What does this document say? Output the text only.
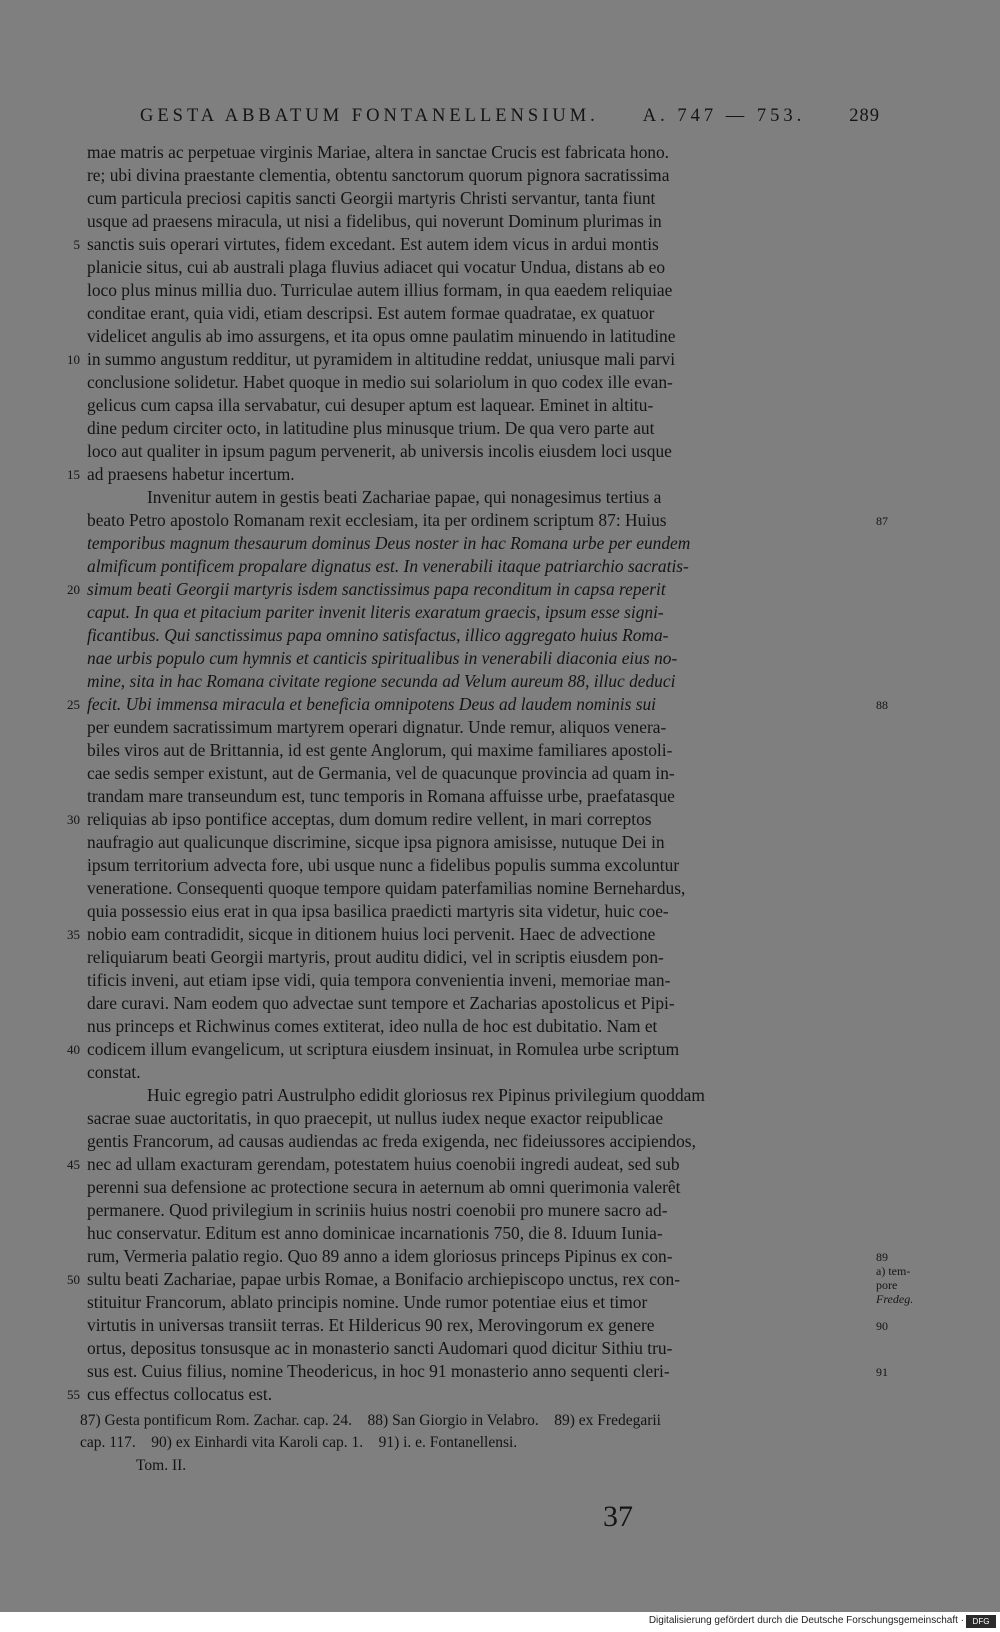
GESTA ABBATUM FONTANELLENSIUM. A. 747 — 753. 289
mae matris ac perpetuae virginis Mariae, altera in sanctae Crucis est fabricata hono.
re; ubi divina praestante clementia, obtentu sanctorum quorum pignora sacratissima
cum particula preciosi capitis sancti Georgii martyris Christi servantur, tanta fiunt
usque ad praesens miracula, ut nisi a fidelibus, qui noverunt Dominum plurimas in
sanctis suis operari virtutes, fidem excedant. Est autem idem vicus in ardui montis
planicie situs, cui ab australi plaga fluvius adiacet qui vocatur Undua, distans ab eo
loco plus minus millia duo. Turriculae autem illius formam, in qua eaedem reliquiae
conditae erant, quia vidi, etiam descripsi. Est autem formae quadratae, ex quatuor
videlicet angulis ab imo assurgens, et ita opus omne paulatim minuendo in latitudine
in summo angustum redditur, ut pyramidem in altitudine reddat, uniusque mali parvi
conclusione solidetur. Habet quoque in medio sui solariolum in quo codex ille evan-
gelicus cum capsa illa servabatur, cui desuper aptum est laquear. Eminet in altitu-
dine pedum circiter octo, in latitudine plus minusque trium. De qua vero parte aut
loco aut qualiter in ipsum pagum pervenerit, ab universis incolis eiusdem loci usque
ad praesens habetur incertum.
Invenitur autem in gestis beati Zachariae papae, qui nonagesimus tertius a
beato Petro apostolo Romanam rexit ecclesiam, ita per ordinem scriptum 87: Huius
temporibus magnum thesaurum dominus Deus noster in hac Romana urbe per eundem
almificum pontificem propalare dignatus est. In venerabili itaque patriarchio sacratis-
simum beati Georgii martyris isdem sanctissimus papa reconditum in capsa reperit
caput. In qua et pitacium pariter invenit literis exaratum graecis, ipsum esse signi-
ficantibus. Qui sanctissimus papa omnino satisfactus, illico aggregato huius Roma-
nae urbis populo cum hymnis et canticis spiritualibus in venerabili diaconia eius no-
mine, sita in hac Romana civitate regione secunda ad Velum aureum 88, illuc deduci
fecit. Ubi immensa miracula et beneficia omnipotens Deus ad laudem nominis sui
per eundem sacratissimum martyrem operari dignatur. Unde remur, aliquos venera-
biles viros aut de Brittannia, id est gente Anglorum, qui maxime familiares apostoli-
cae sedis semper existunt, aut de Germania, vel de quacunque provincia ad quam in-
trandam mare transeundum est, tunc temporis in Romana affuisse urbe, praefatasque
reliquias ab ipso pontifice acceptas, dum domum redire vellent, in mari correptos
naufragio aut qualicunque discrimine, sicque ipsa pignora amisisse, nutuque Dei in
ipsum territorium advecta fore, ubi usque nunc a fidelibus populis summa excoluntur
veneratione. Consequenti quoque tempore quidam paterfamilias nomine Bernehardus,
quia possessio eius erat in qua ipsa basilica praedicti martyris sita videtur, huic coe-
nobio eam contradidit, sicque in ditionem huius loci pervenit. Haec de advectione
reliquiarum beati Georgii martyris, prout auditu didici, vel in scriptis eiusdem pon-
tificis inveni, aut etiam ipse vidi, quia tempora convenientia inveni, memoriae man-
dare curavi. Nam eodem quo advectae sunt tempore et Zacharias apostolicus et Pipi-
nus princeps et Richwinus comes extiterat, ideo nulla de hoc est dubitatio. Nam et
codicem illum evangelicum, ut scriptura eiusdem insinuat, in Romulea urbe scriptum
constat.
Huic egregio patri Austrulpho edidit gloriosus rex Pipinus privilegium quoddam
sacrae suae auctoritatis, in quo praecepit, ut nullus iudex neque exactor reipublicae
gentis Francorum, ad causas audiendas ac freda exigenda, nec fideiussores accipiendos,
nec ad ullam exacturam gerendam, potestatem huius coenobii ingredi audeat, sed sub
perenni sua defensione ac protectione secura in aeternum ab omni querimonia valerêt
permanere. Quod privilegium in scriniis huius nostri coenobii pro munere sacro ad-
huc conservatur. Editum est anno dominicae incarnationis 750, die 8. Iduum Iunia-
rum, Vermeria palatio regio. Quo 89 anno a idem gloriosus princeps Pipinus ex con-
sultu beati Zachariae, papae urbis Romae, a Bonifacio archiepiscopo unctus, rex con-
stituitur Francorum, ablato principis nomine. Unde rumor potentiae eius et timor
virtutis in universas transiit terras. Et Hildericus 90 rex, Merovingorum ex genere
ortus, depositus tonsusque ac in monasterio sancti Audomari quod dicitur Sithiu tru-
sus est. Cuius filius, nomine Theodericus, in hoc 91 monasterio anno sequenti cleri-
cus effectus collocatus est.
5
10
15
20
25
30
35
40
45
50
55
87
88
89
a) tem-
pore
Fredeg.
90
91
87) Gesta pontificum Rom. Zachar. cap. 24.    88) San Giorgio in Velabro.    89) ex Fredegarii
cap. 117.    90) ex Einhardi vita Karoli cap. 1.    91) i. e. Fontanellensi.
Tom. II.
37
Digitalisierung gefördert durch die Deutsche Forschungsgemeinschaft ·	DFG
